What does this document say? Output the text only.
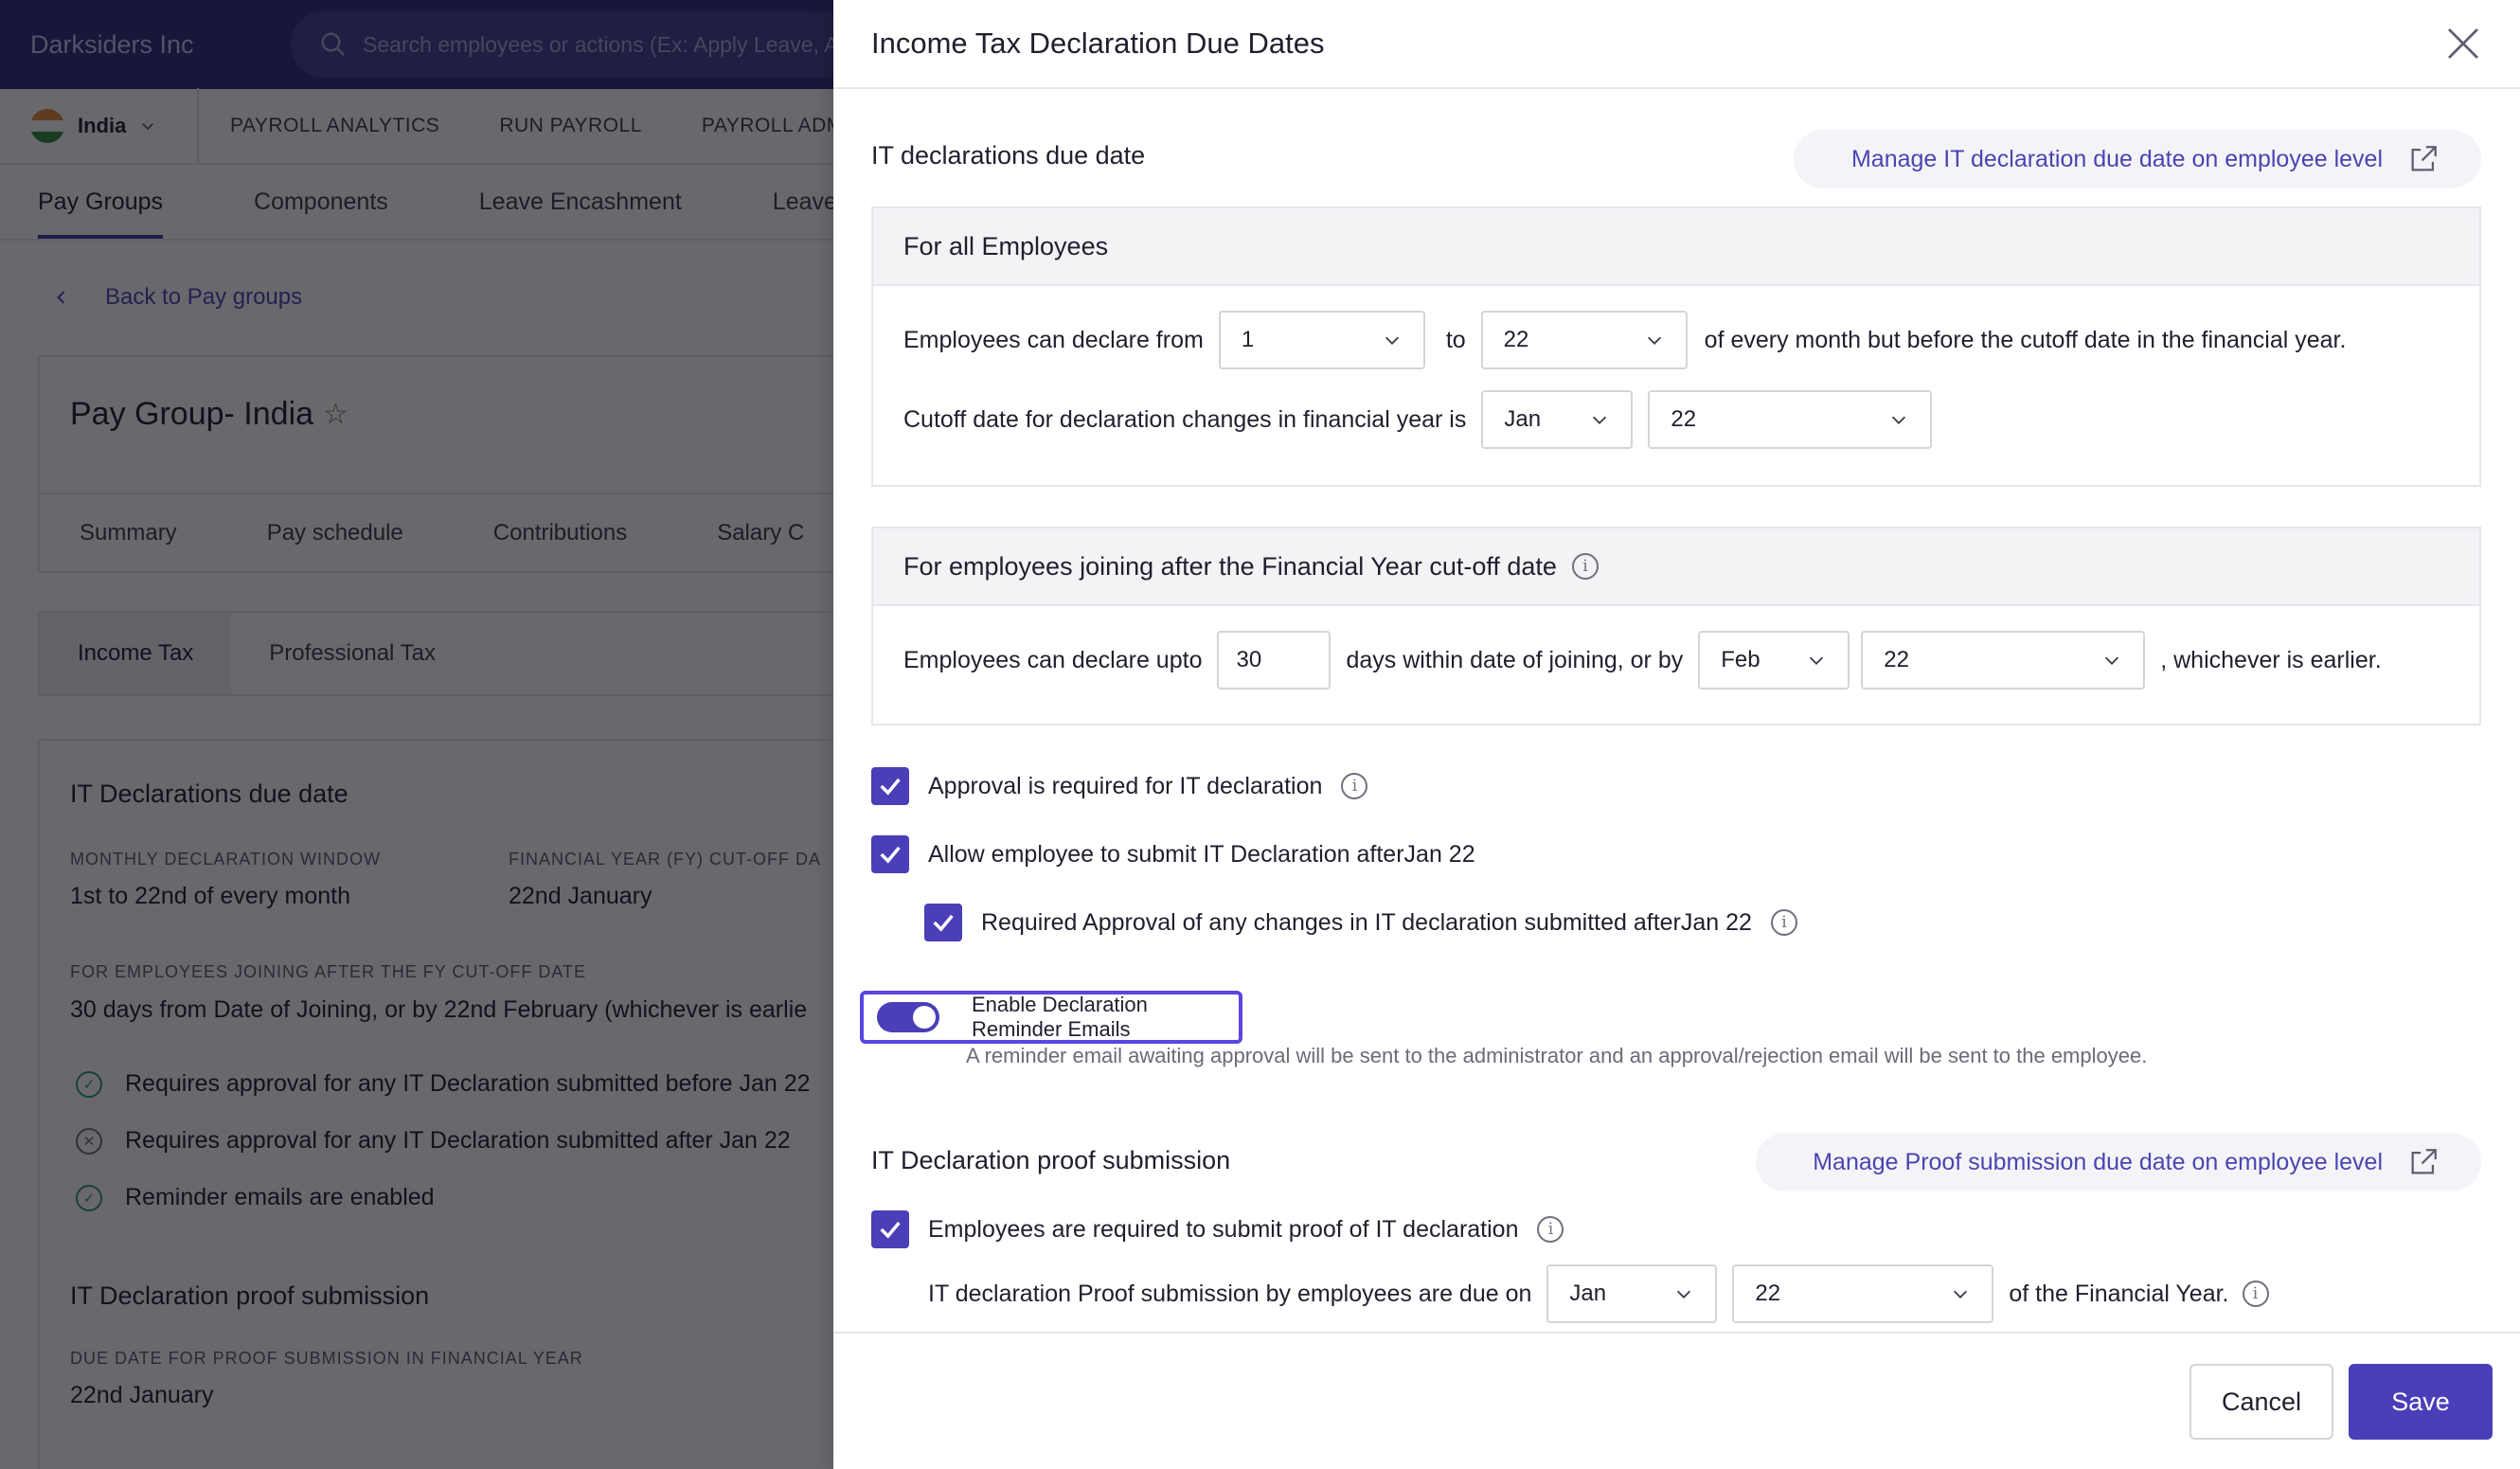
Income Tax Declaration Due Dates
IT declarations due date	Manage IT declaration due date on employee level
For all Employees
Employees can declare from 1	to 22	of every month but before the cutoff date in the financial year.
Cutoff date for declaration changes in financial year is Jan	22
For employees joining after the Financial Year cut-off date	i
Employees can declare upto
30	days within date of joining, or by Feb	22	, whichever is earlier.
Approval is required for IT declaration	i
Allow employee to submit IT Declaration afterJan 22
Required Approval of any changes in IT declaration submitted afterJan 22	i
Enable Declaration Reminder Emails
A reminder email awaiting approval will be sent to the administrator and an approval/rejection email will be sent to the employee.
IT Declaration proof submission	Manage Proof submission due date on employee level
Employees are required to submit proof of IT declaration	i
IT declaration Proof submission by employees are due on Jan	22	of the Financial Year.	i
Cancel	Save
